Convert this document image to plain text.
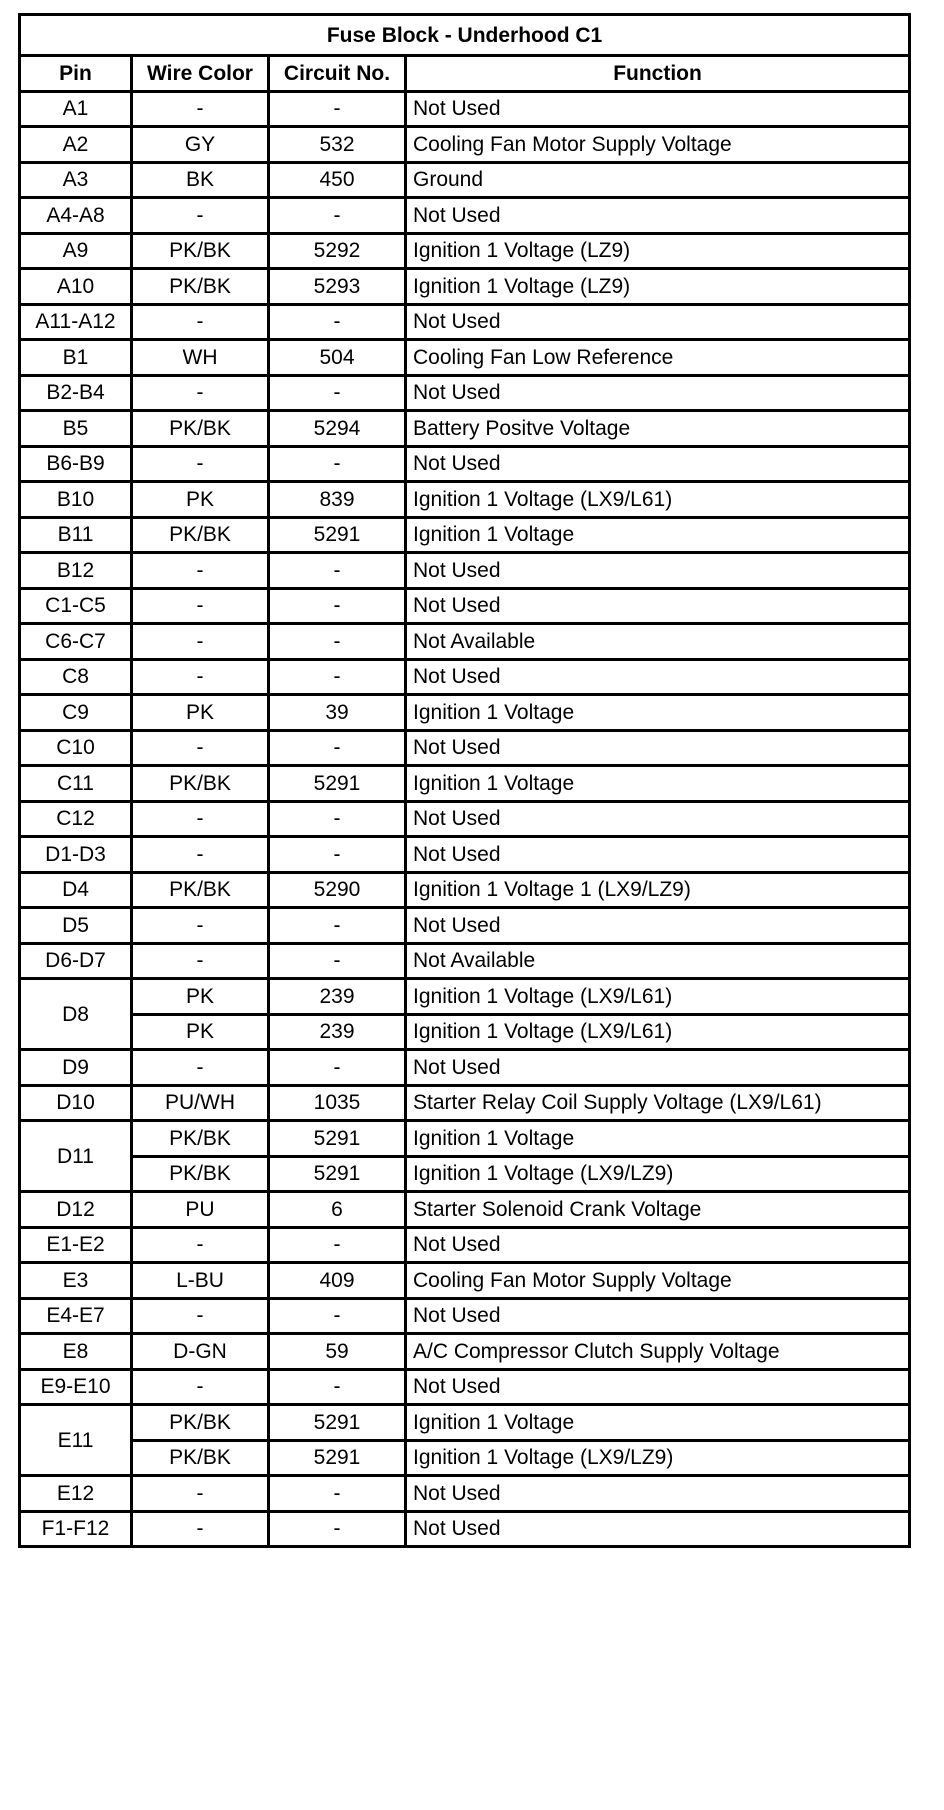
Fuse Block - Underhood C1			
Pin	Wire Color	Circuit No.	Function
A1	-	-	Not Used
A2	GY	532	Cooling Fan Motor Supply Voltage
A3	BK	450	Ground
A4-A8	-	-	Not Used
A9	PK/BK	5292	Ignition 1 Voltage (LZ9)
A10	PK/BK	5293	Ignition 1 Voltage (LZ9)
A11-A12	-	-	Not Used
B1	WH	504	Cooling Fan Low Reference
B2-B4	-	-	Not Used
B5	PK/BK	5294	Battery Positve Voltage
B6-B9	-	-	Not Used
B10	PK	839	Ignition 1 Voltage (LX9/L61)
B11	PK/BK	5291	Ignition 1 Voltage
B12	-	-	Not Used
C1-C5	-	-	Not Used
C6-C7	-	-	Not Available
C8	-	-	Not Used
C9	PK	39	Ignition 1 Voltage
C10	-	-	Not Used
C11	PK/BK	5291	Ignition 1 Voltage
C12	-	-	Not Used
D1-D3	-	-	Not Used
D4	PK/BK	5290	Ignition 1 Voltage 1 (LX9/LZ9)
D5	-	-	Not Used
D6-D7	-	-	Not Available
D8	PK	239	Ignition 1 Voltage (LX9/L61)
	PK	239	Ignition 1 Voltage (LX9/L61)
D9	-	-	Not Used
D10	PU/WH	1035	Starter Relay Coil Supply Voltage (LX9/L61)
D11	PK/BK	5291	Ignition 1 Voltage
	PK/BK	5291	Ignition 1 Voltage (LX9/LZ9)
D12	PU	6	Starter Solenoid Crank Voltage
E1-E2	-	-	Not Used
E3	L-BU	409	Cooling Fan Motor Supply Voltage
E4-E7	-	-	Not Used
E8	D-GN	59	A/C Compressor Clutch Supply Voltage
E9-E10	-	-	Not Used
E11	PK/BK	5291	Ignition 1 Voltage
	PK/BK	5291	Ignition 1 Voltage (LX9/LZ9)
E12	-	-	Not Used
F1-F12	-	-	Not Used
